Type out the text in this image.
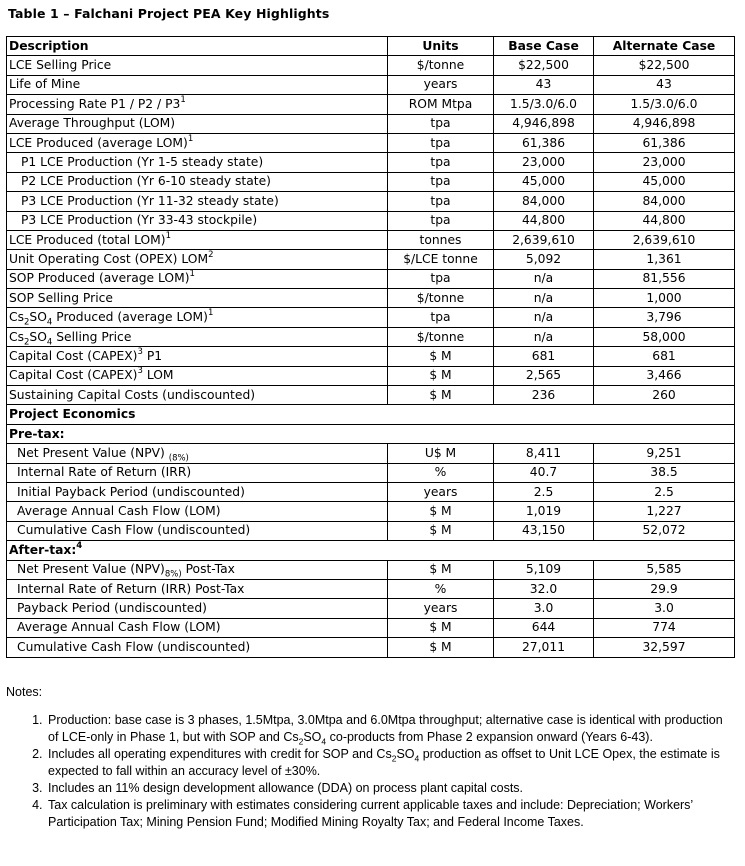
Table 1 – Falchani Project PEA Key Highlights
Description	Units	Base Case	Alternate Case
LCE Selling Price	$/tonne	$22,500	$22,500
Life of Mine	years	43	43
Processing Rate $P1 / P2 / P3^1$	ROM Mtpa	1.5/3.0/6.0	1.5/3.0/6.0
Average Throughput (LOM)	tpa	4,946,898	4,946,898
LCE Produced (average LOM)$^1$	tpa	61,386	61,386
P1 LCE Production (Yr 1-5 steady state)	tpa	23,000	23,000
P2 LCE Production (Yr 6-10 steady state)	tpa	45,000	45,000
P3 LCE Production (Yr 11-32 steady state)	tpa	84,000	84,000
P3 LCE Production (Yr 33-43 stockpile)	tpa	44,800	44,800
LCE Produced (total LOM)$^1$	tonnes	2,639,610	2,639,610
Unit Operating Cost (OPEX) LOM$^2$	$/LCE tonne	5,092	1,361
SOP Produced (average LOM)$^1$	tpa	n/a	81,556
SOP Selling Price	$/tonne	n/a	1,000
$Cs_2SO_4$ Produced (average LOM)$^1$	tpa	n/a	3,796
$Cs_2SO_4$ Selling Price	$/tonne	n/a	58,000
Capital Cost (CAPEX)$^3$ P1	$ M	681	681
Capital Cost (CAPEX)$^3$ LOM	$ M	2,565	3,466
Sustaining Capital Costs (undiscounted)	$ M	236	260
Project Economics			
Pre-tax:			
Net Present Value (NPV) $_{(8\%)}$	U$ M	8,411	9,251
Internal Rate of Return (IRR)	%	40.7	38.5
Initial Payback Period (undiscounted)	years	2.5	2.5
Average Annual Cash Flow (LOM)	$ M	1,019	1,227
Cumulative Cash Flow (undiscounted)	$ M	43,150	52,072
After-tax:$^4$
Net Present Value $(NPV)_{8\%)}$ Post-Tax	$ M	5,109	5,585
Internal Rate of Return (IRR) Post-Tax	%	32.0	29.9
Payback Period (undiscounted)	years	3.0	3.0
Average Annual Cash Flow (LOM)	$ M	644	774
Cumulative Cash Flow (undiscounted)	$ M	27,011	32,597
Notes:
1. Production: base case is 3 phases, 1.5Mtpa, 3.0Mtpa and 6.0Mtpa throughput; alternative case is identical with production of LCE-only in Phase 1, but with SOP and $Cs_2SO_4$ co-products from Phase 2 expansion onward (Years 6-43).
2. Includes all operating expenditures with credit for SOP and $Cs_2SO_4$ production as offset to Unit LCE Opex, the estimate is expected to fall within an accuracy level of ±30%.
3. Includes an 11% design development allowance (DDA) on process plant capital costs.
4. Tax calculation is preliminary with estimates considering current applicable taxes and include: Depreciation; Workers’ Participation Tax; Mining Pension Fund; Modified Mining Royalty Tax; and Federal Income Taxes.
